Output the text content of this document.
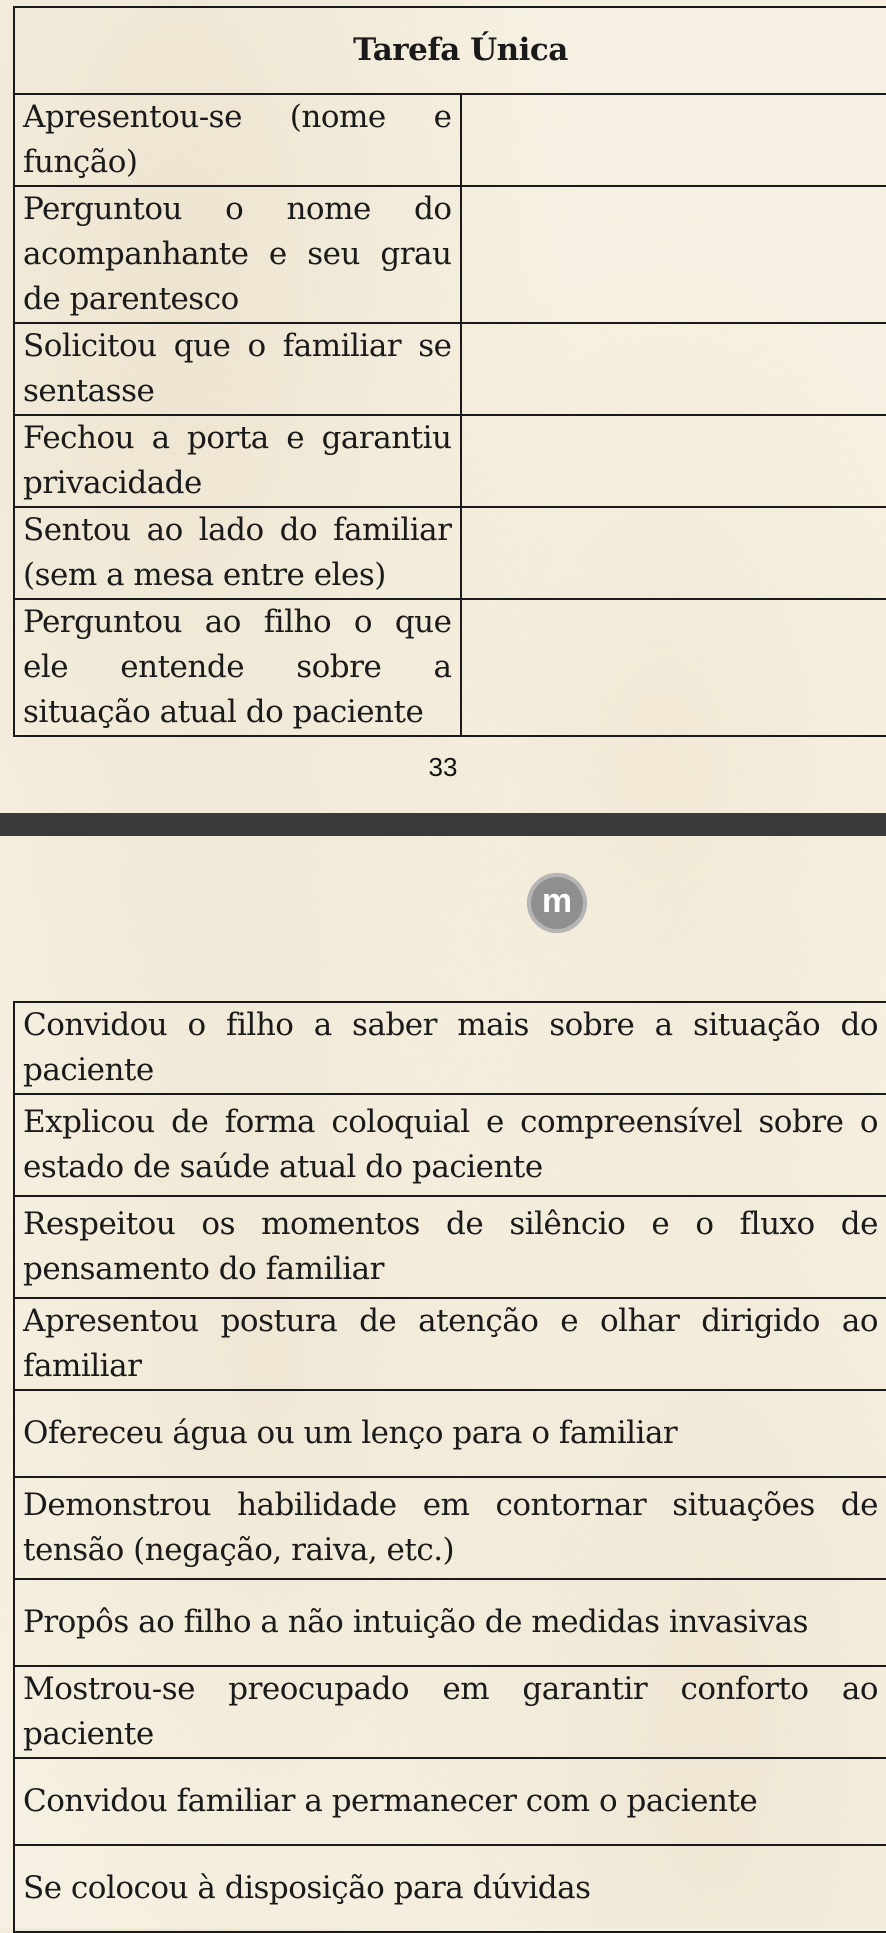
Tarefa Única	
Apresentou-se (nome e função)	

Perguntou o nome do acompanhante e seu grau de parentesco	
Solicitou que o familiar se sentasse	

Fechou a porta e garantiu privacidade	
Sentou ao lado do familiar (sem a mesa entre eles)	
Perguntou ao filho o que ele entende sobre a situação atual do paciente	
33
m
Convidou o filho a saber mais sobre a situação do paciente	
Explicou de forma coloquial e compreensível sobre o estado de saúde atual do paciente	
Respeitou os momentos de silêncio e o fluxo de pensamento do familiar	
Apresentou postura de atenção e olhar dirigido ao familiar	
Ofereceu água ou um lenço para o familiar	
Demonstrou habilidade em contornar situações de tensão (negação, raiva, etc.)	

Propôs ao filho a não intuição de medidas invasivas	
Mostrou-se preocupado em garantir conforto ao paciente	
Convidou familiar a permanecer com o paciente	
Se colocou à disposição para dúvidas	
